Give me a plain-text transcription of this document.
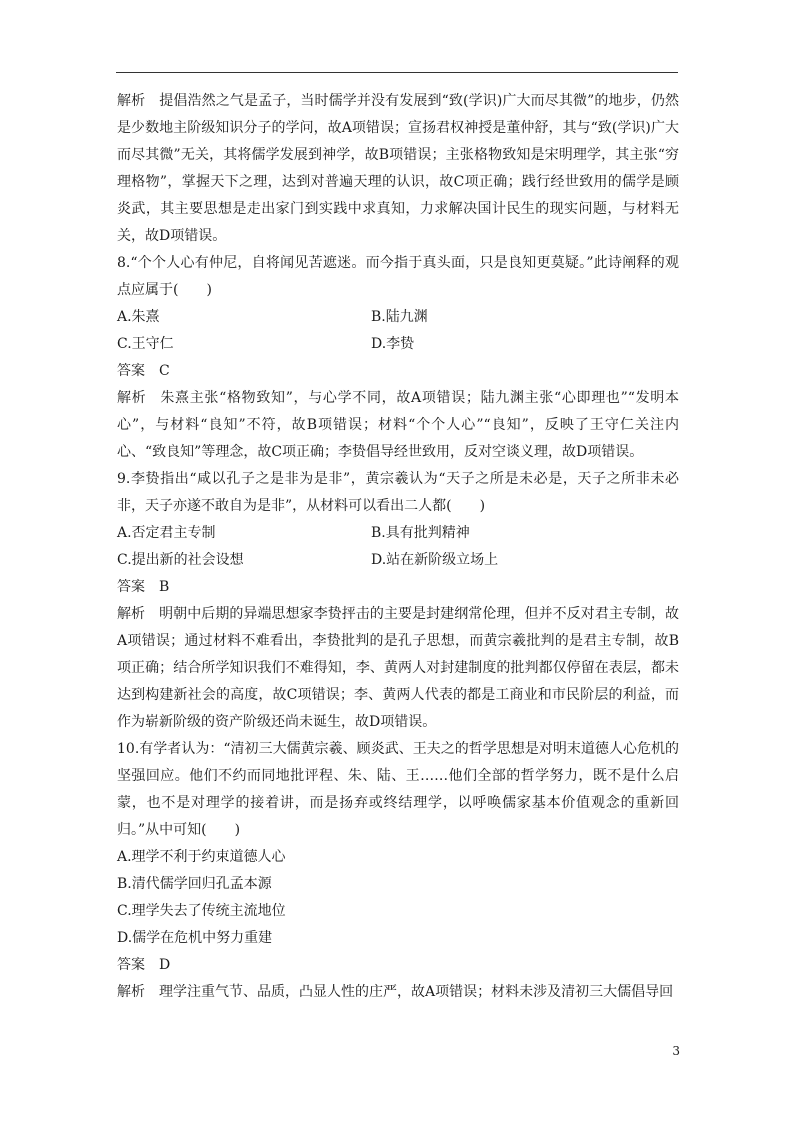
解析 提倡浩然之气是孟子，当时儒学并没有发展到“致(学识)广大而尽其微”的地步，仍然是少数地主阶级知识分子的学问，故A项错误；宣扬君权神授是董仲舒，其与“致(学识)广大而尽其微”无关，其将儒学发展到神学，故B项错误；主张格物致知是宋明理学，其主张“穷理格物”，掌握天下之理，达到对普遍天理的认识，故C项正确；践行经世致用的儒学是顾炎武，其主要思想是走出家门到实践中求真知，力求解决国计民生的现实问题，与材料无关，故D项错误。

8.“个个人心有仲尼，自将闻见苦遮迷。而今指于真头面，只是良知更莫疑。”此诗阐释的观点应属于(　　)

A.朱熹	B.陆九渊
C.王守仁	D.李贽

答案 C

解析 朱熹主张“格物致知”，与心学不同，故A项错误；陆九渊主张“心即理也”“发明本心”，与材料“良知”不符，故B项错误；材料“个个人心”“良知”，反映了王守仁关注内心、“致良知”等理念，故C项正确；李贽倡导经世致用，反对空谈义理，故D项错误。

9.李贽指出“咸以孔子之是非为是非”，黄宗羲认为“天子之所是未必是，天子之所非未必非，天子亦遂不敢自为是非”，从材料可以看出二人都(　　)

A.否定君主专制	B.具有批判精神
C.提出新的社会设想	D.站在新阶级立场上

答案 B

解析 明朝中后期的异端思想家李贽抨击的主要是封建纲常伦理，但并不反对君主专制，故A项错误；通过材料不难看出，李贽批判的是孔子思想，而黄宗羲批判的是君主专制，故B项正确；结合所学知识我们不难得知，李、黄两人对封建制度的批判都仅停留在表层，都未达到构建新社会的高度，故C项错误；李、黄两人代表的都是工商业和市民阶层的利益，而作为崭新阶级的资产阶级还尚未诞生，故D项错误。

10.有学者认为：“清初三大儒黄宗羲、顾炎武、王夫之的哲学思想是对明末道德人心危机的坚强回应。他们不约而同地批评程、朱、陆、王……他们全部的哲学努力，既不是什么启蒙，也不是对理学的接着讲，而是扬弃或终结理学，以呼唤儒家基本价值观念的重新回归。”从中可知(　　)

A.理学不利于约束道德人心
B.清代儒学回归孔孟本源
C.理学失去了传统主流地位
D.儒学在危机中努力重建

答案 D

解析 理学注重气节、品质，凸显人性的庄严，故A项错误；材料未涉及清初三大儒倡导回

3
